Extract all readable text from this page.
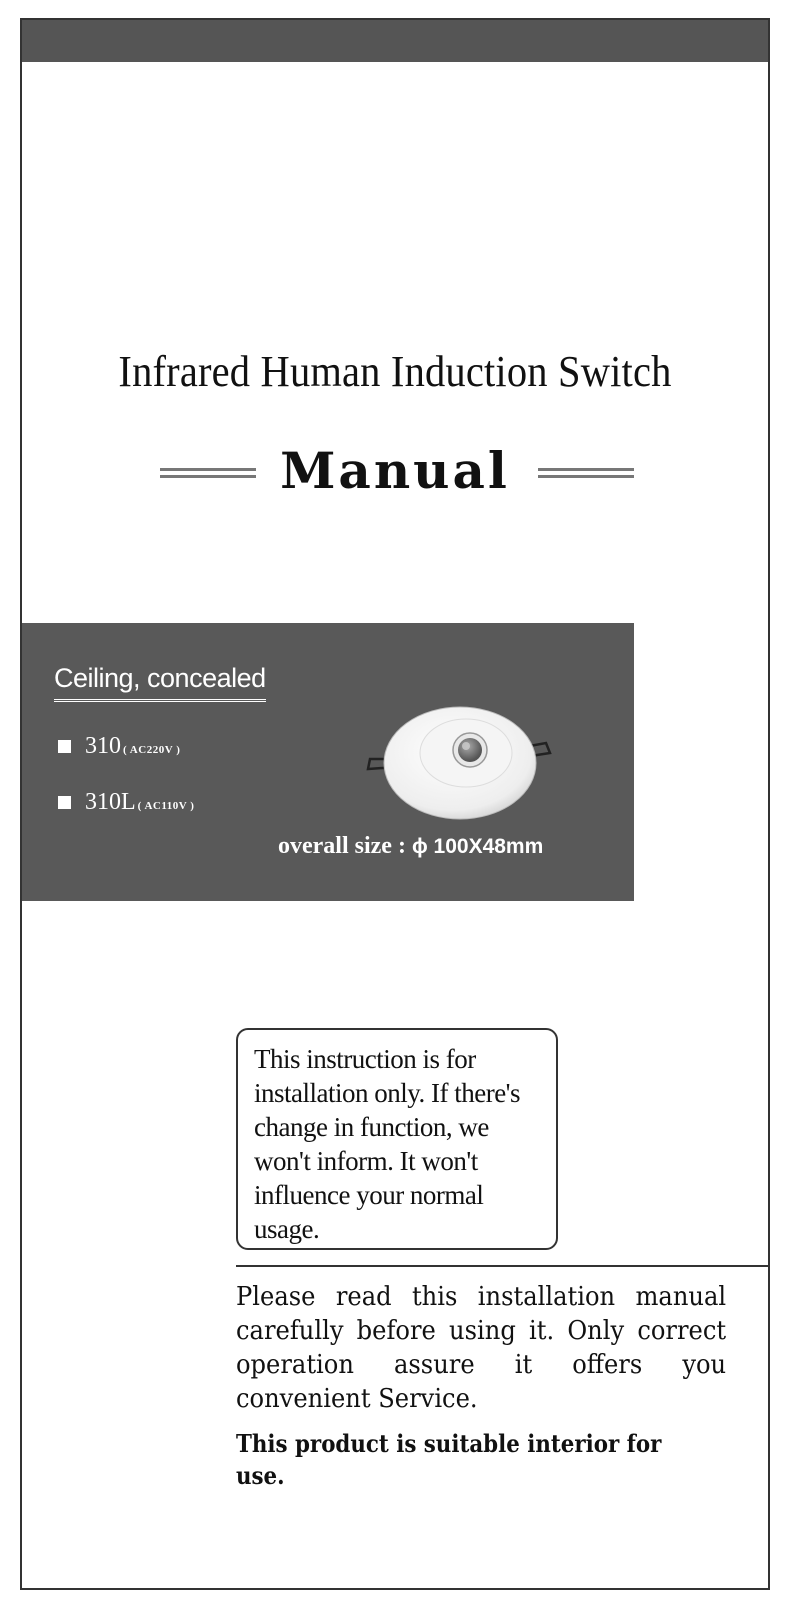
Infrared Human Induction Switch
Manual
Ceiling, concealed
310 ( AC220V )
310L ( AC110V )
overall size : ϕ 100X48mm
This instruction is for installation only. If there's change in function, we won't inform. It won't influence your normal usage.

Please read this installation manual carefully before using it. Only correct operation assure it offers you convenient Service.

This product is suitable interior for use.
